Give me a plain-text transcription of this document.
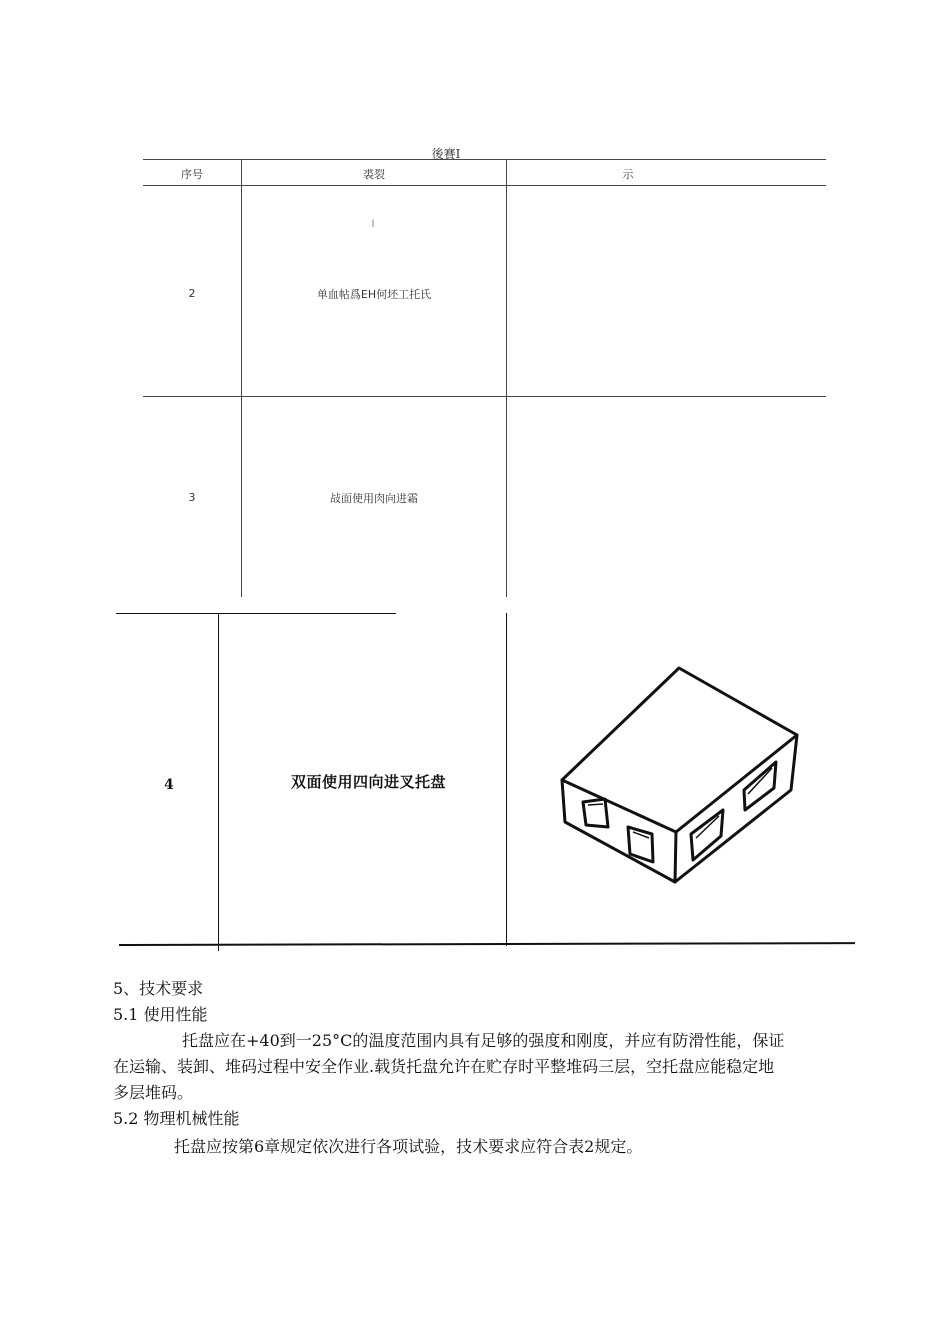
後賽Ⅰ
序号	裘裂	示
l
2	单血帖爲EH何坯工托氏
3	敁面使用肉向进霜
4	双面使用四向进叉托盘
5、技术要求
5.1 使用性能
托盘应在+40到一25°C的温度范围内具有足够的强度和刚度，并应有防滑性能，保证
在运输、装卸、堆码过程中安全作业.载货托盘允许在贮存时平整堆码三层，空托盘应能稳定地
多层堆码。
5.2 物理机械性能
托盘应按第6章规定依次进行各项试验，技术要求应符合表2规定。
